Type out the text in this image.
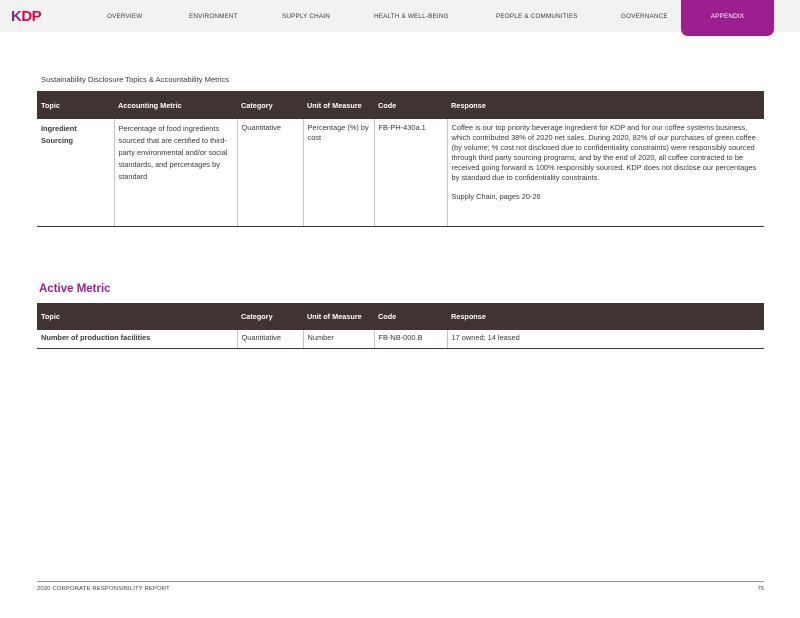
K DP	OVERVIEW	ENVIRONMENT	SUPPLY CHAIN	HEALTH & WELL-BEING	PEOPLE & COMMUNITIES	GOVERNANCE	APPENDIX
Sustainability Disclosure Topics & Accountability Metrics
Topic	Accounting Metric	Category	Unit of Measure	Code	Response
Ingredient Sourcing	Percentage of food ingredients sourced that are certified to third-party environmental and/or social standards, and percentages by standard	Quantitative	Percentage (%) by cost	FB-PH-430a.1	Coffee is our top priority beverage ingredient for KDP and for our coffee systems business, which contributed 38% of 2020 net sales. During 2020, 82% of our purchases of green coffee (by volume; % cost not disclosed due to confidentiality constraints) were responsibly sourced through third party sourcing programs, and by the end of 2020, all coffee contracted to be received going forward is 100% responsibly sourced. KDP does not disclose our percentages by standard due to confidentiality constraints.

Supply Chain, pages 20-26

Active Metric
Topic	Category	Unit of Measure	Code	Response
Number of production facilities	Quantitative	Number	FB-NB-000.B	17 owned; 14 leased
2020 CORPORATE RESPONSIBILITY REPORT	75
